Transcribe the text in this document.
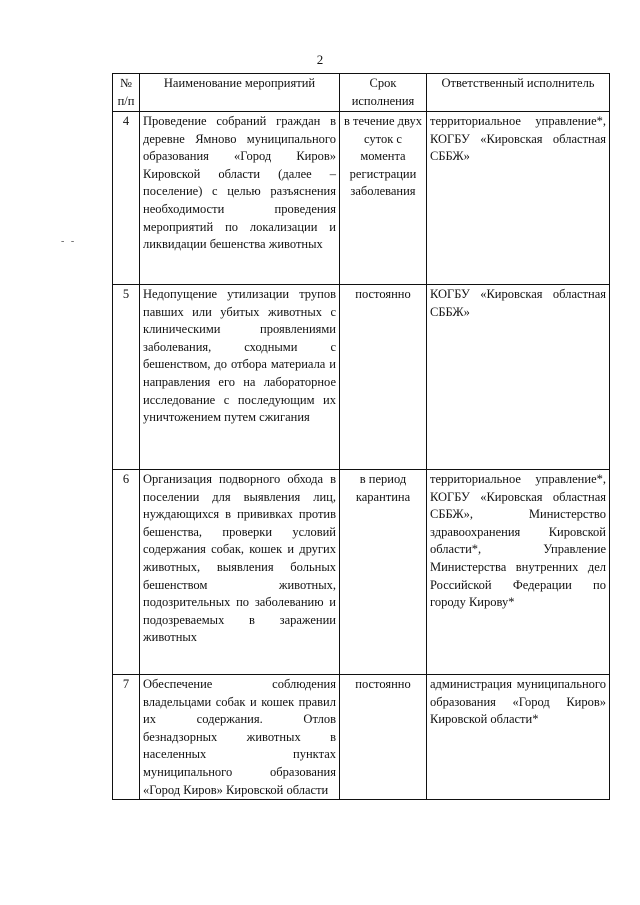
2
- -
№ п/п	Наименование мероприятий	Срок исполнения	Ответственный исполнитель
4	Проведение собраний граждан в деревне Ямново муниципального образования «Город Киров» Кировской области (далее – поселение) с целью разъяснения необходимости проведения мероприятий по локализации и ликвидации бешенства животных	в течение двух суток с момента регистрации заболевания	территориальное управление*, КОГБУ «Кировская областная СББЖ»

5	Недопущение утилизации трупов павших или убитых животных с клиническими проявлениями заболевания, сходными с бешенством, до отбора материала и направления его на лабораторное исследование с последующим их уничтожением путем сжигания	постоянно	КОГБУ «Кировская областная СББЖ»

6	Организация подворного обхода в поселении для выявления лиц, нуждающихся в прививках против бешенства, проверки условий содержания собак, кошек и других животных, выявления больных бешенством животных, подозрительных по заболеванию и подозреваемых в заражении животных	в период карантина	территориальное управление*, КОГБУ «Кировская областная СББЖ», Министерство здравоохранения Кировской области*, Управление Министерства внутренних дел Российской Федерации по городу Кирову*

7	Обеспечение соблюдения владельцами собак и кошек правил их содержания. Отлов безнадзорных животных в населенных пунктах муниципального образования «Город Киров» Кировской области	постоянно	администрация муниципального образования «Город Киров» Кировской области*
